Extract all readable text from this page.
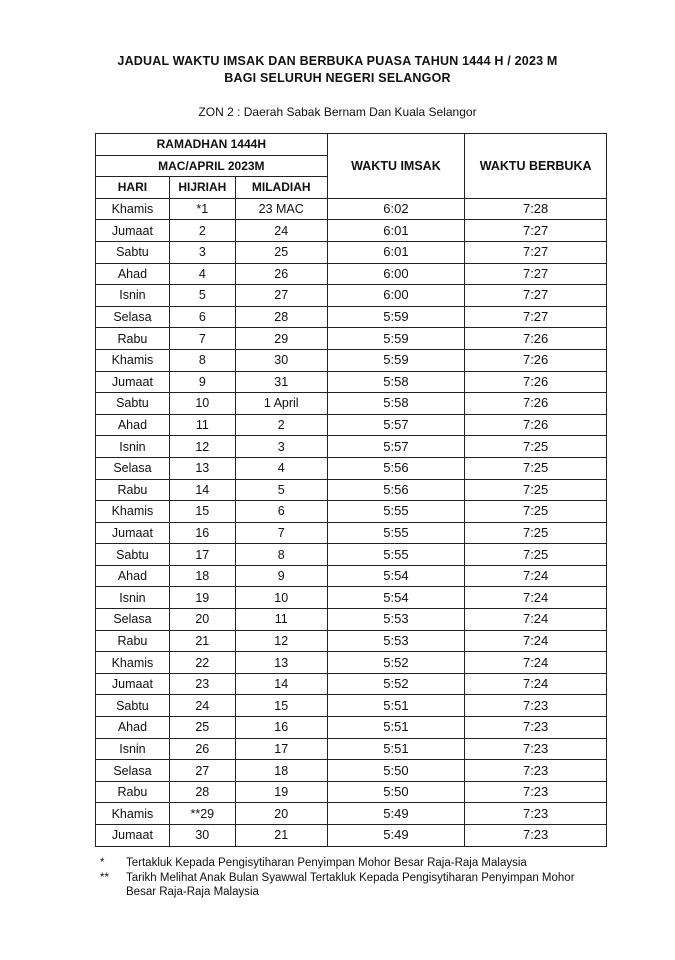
JADUAL WAKTU IMSAK DAN BERBUKA PUASA TAHUN 1444 H / 2023 M
BAGI SELURUH NEGERI SELANGOR
ZON 2 : Daerah Sabak Bernam Dan Kuala Selangor
RAMADHAN 1444H			WAKTU IMSAK	WAKTU BERBUKA
MAC/APRIL 2023M				
HARI	HIJRIAH	MILADIAH		
Khamis	*1	23 MAC	6:02	7:28
Jumaat	2	24	6:01	7:27
Sabtu	3	25	6:01	7:27
Ahad	4	26	6:00	7:27
Isnin	5	27	6:00	7:27
Selasa	6	28	5:59	7:27
Rabu	7	29	5:59	7:26
Khamis	8	30	5:59	7:26
Jumaat	9	31	5:58	7:26
Sabtu	10	1 April	5:58	7:26
Ahad	11	2	5:57	7:26
Isnin	12	3	5:57	7:25
Selasa	13	4	5:56	7:25
Rabu	14	5	5:56	7:25
Khamis	15	6	5:55	7:25
Jumaat	16	7	5:55	7:25
Sabtu	17	8	5:55	7:25
Ahad	18	9	5:54	7:24
Isnin	19	10	5:54	7:24
Selasa	20	11	5:53	7:24
Rabu	21	12	5:53	7:24
Khamis	22	13	5:52	7:24
Jumaat	23	14	5:52	7:24
Sabtu	24	15	5:51	7:23
Ahad	25	16	5:51	7:23
Isnin	26	17	5:51	7:23
Selasa	27	18	5:50	7:23
Rabu	28	19	5:50	7:23
Khamis	**29	20	5:49	7:23
Jumaat	30	21	5:49	7:23
*	Tertakluk Kepada Pengisytiharan Penyimpan Mohor Besar Raja-Raja Malaysia
**	Tarikh Melihat Anak Bulan Syawwal Tertakluk Kepada Pengisytiharan Penyimpan Mohor Besar Raja-Raja Malaysia
